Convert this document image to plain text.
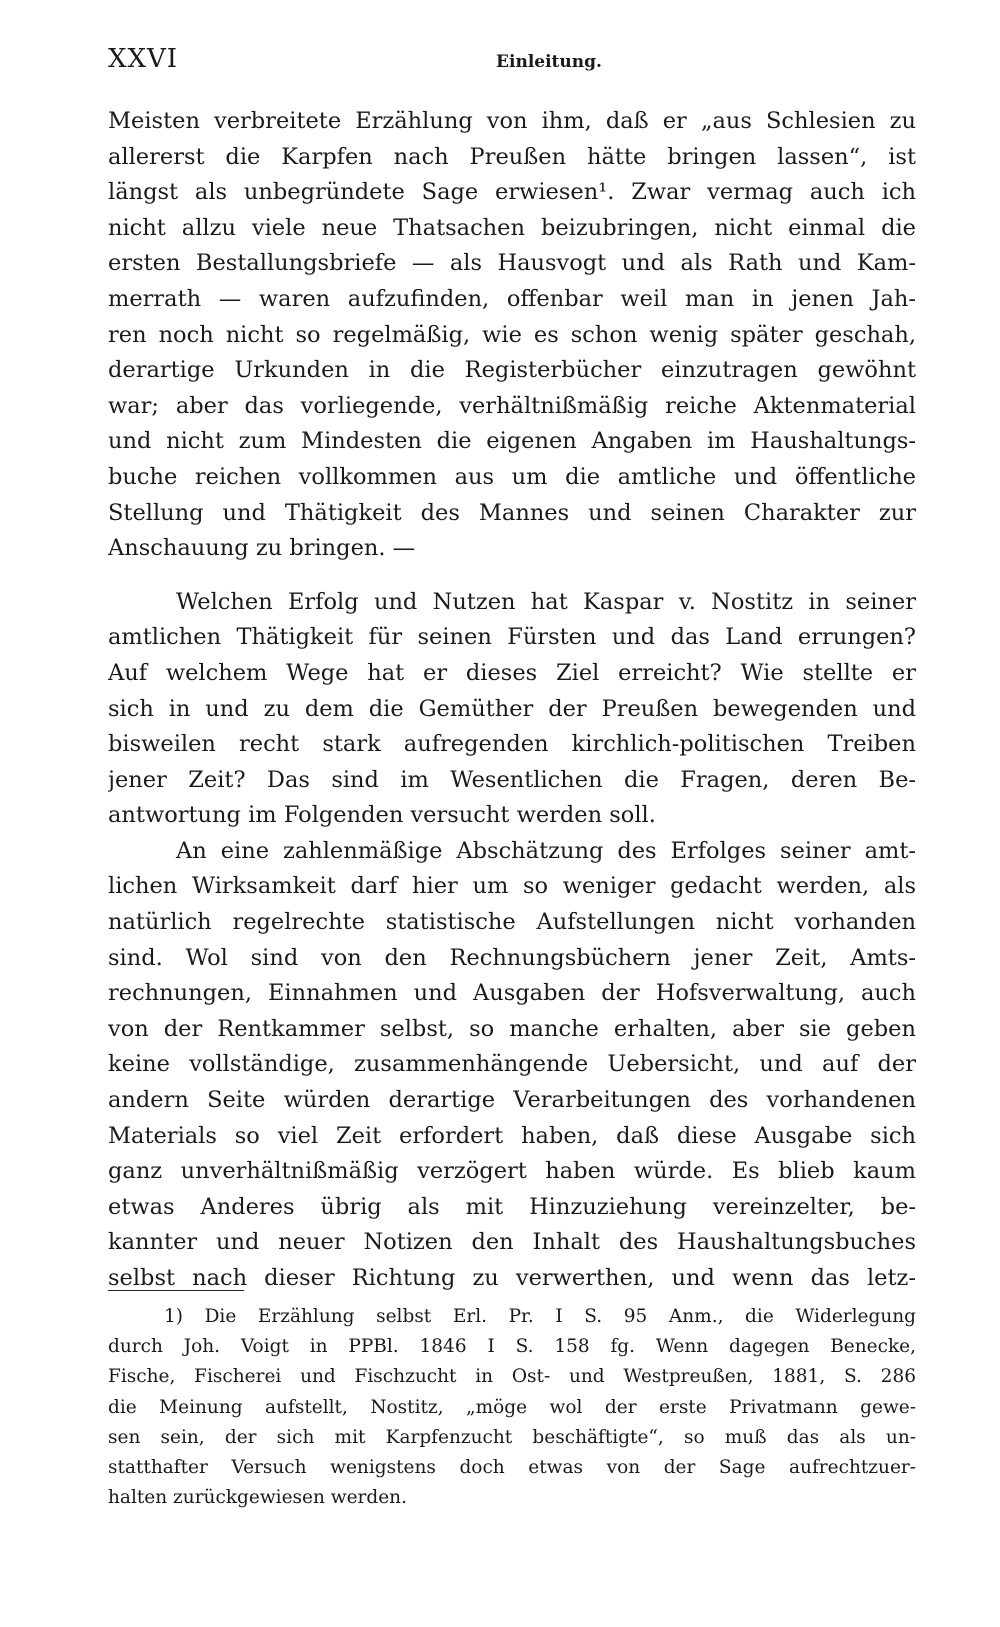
XXVI	Einleitung.
Meisten verbreitete Erzählung von ihm, daß er „aus Schlesien zu
allererst die Karpfen nach Preußen hätte bringen lassen“, ist
längst als unbegründete Sage erwiesen¹. Zwar vermag auch ich
nicht allzu viele neue Thatsachen beizubringen, nicht einmal die
ersten Bestallungsbriefe — als Hausvogt und als Rath und Kam-
merrath — waren aufzufinden, offenbar weil man in jenen Jah-
ren noch nicht so regelmäßig, wie es schon wenig später geschah,
derartige Urkunden in die Registerbücher einzutragen gewöhnt
war; aber das vorliegende, verhältnißmäßig reiche Aktenmaterial
und nicht zum Mindesten die eigenen Angaben im Haushaltungs-
buche reichen vollkommen aus um die amtliche und öffentliche
Stellung und Thätigkeit des Mannes und seinen Charakter zur
Anschauung zu bringen. —
Welchen Erfolg und Nutzen hat Kaspar v. Nostitz in seiner
amtlichen Thätigkeit für seinen Fürsten und das Land errungen?
Auf welchem Wege hat er dieses Ziel erreicht? Wie stellte er
sich in und zu dem die Gemüther der Preußen bewegenden und
bisweilen recht stark aufregenden kirchlich-politischen Treiben
jener Zeit? Das sind im Wesentlichen die Fragen, deren Be-
antwortung im Folgenden versucht werden soll.
An eine zahlenmäßige Abschätzung des Erfolges seiner amt-
lichen Wirksamkeit darf hier um so weniger gedacht werden, als
natürlich regelrechte statistische Aufstellungen nicht vorhanden
sind. Wol sind von den Rechnungsbüchern jener Zeit, Amts-
rechnungen, Einnahmen und Ausgaben der Hofsverwaltung, auch
von der Rentkammer selbst, so manche erhalten, aber sie geben
keine vollständige, zusammenhängende Uebersicht, und auf der
andern Seite würden derartige Verarbeitungen des vorhandenen
Materials so viel Zeit erfordert haben, daß diese Ausgabe sich
ganz unverhältnißmäßig verzögert haben würde. Es blieb kaum
etwas Anderes übrig als mit Hinzuziehung vereinzelter, be-
kannter und neuer Notizen den Inhalt des Haushaltungsbuches
selbst nach dieser Richtung zu verwerthen, und wenn das letz-
1) Die Erzählung selbst Erl. Pr. I S. 95 Anm., die Widerlegung
durch Joh. Voigt in PPBl. 1846 I S. 158 fg. Wenn dagegen Benecke,
Fische, Fischerei und Fischzucht in Ost- und Westpreußen, 1881, S. 286
die Meinung aufstellt, Nostitz, „möge wol der erste Privatmann gewe-
sen sein, der sich mit Karpfenzucht beschäftigte“, so muß das als un-
statthafter Versuch wenigstens doch etwas von der Sage aufrechtzuer-
halten zurückgewiesen werden.
